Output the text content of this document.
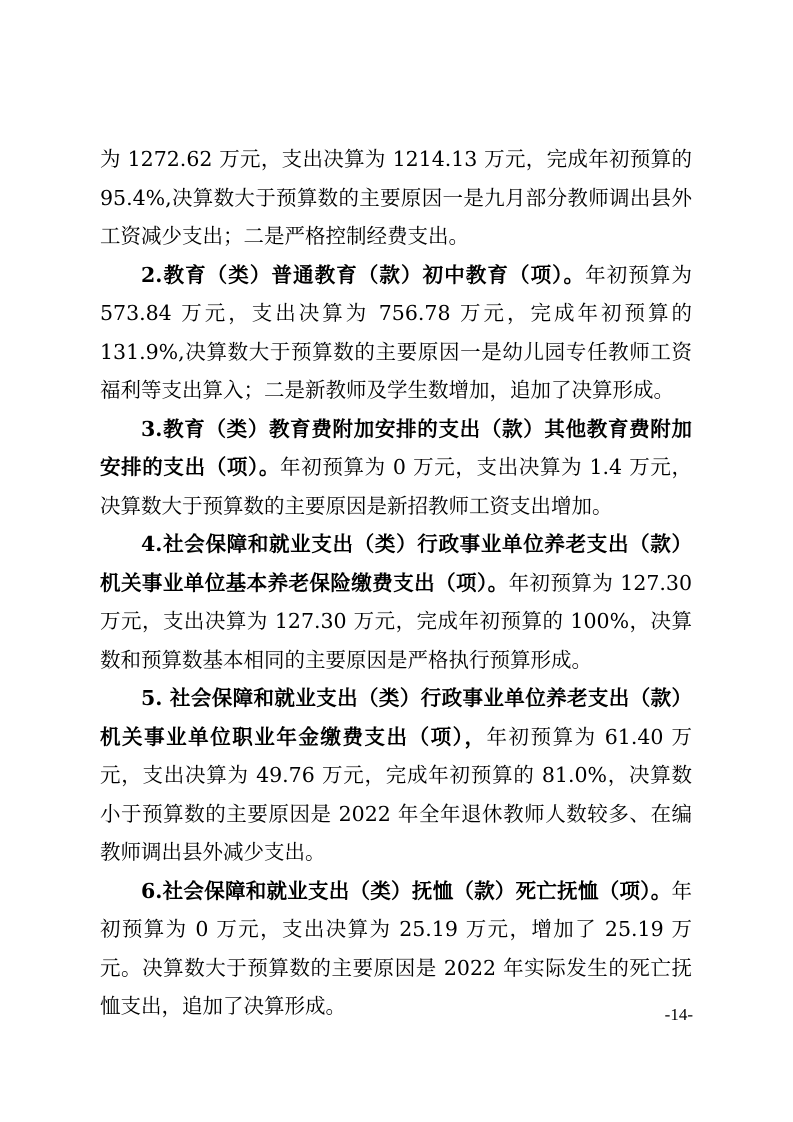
为 1272.62 万元，支出决算为 1214.13 万元，完成年初预算的 95.4%,决算数大于预算数的主要原因一是九月部分教师调出县外工资减少支出；二是严格控制经费支出。

2.教育（类）普通教育（款）初中教育（项）。年初预算为 573.84 万元，支出决算为 756.78 万元，完成年初预算的 131.9%,决算数大于预算数的主要原因一是幼儿园专任教师工资福利等支出算入；二是新教师及学生数增加，追加了决算形成。

3.教育（类）教育费附加安排的支出（款）其他教育费附加安排的支出（项）。年初预算为 0 万元，支出决算为 1.4 万元，决算数大于预算数的主要原因是新招教师工资支出增加。

4.社会保障和就业支出（类）行政事业单位养老支出（款）机关事业单位基本养老保险缴费支出（项）。年初预算为 127.30 万元，支出决算为 127.30 万元，完成年初预算的 100%，决算数和预算数基本相同的主要原因是严格执行预算形成。

5. 社会保障和就业支出（类）行政事业单位养老支出（款）机关事业单位职业年金缴费支出（项），年初预算为 61.40 万元，支出决算为 49.76 万元，完成年初预算的 81.0%，决算数小于预算数的主要原因是 2022 年全年退休教师人数较多、在编教师调出县外减少支出。

6.社会保障和就业支出（类）抚恤（款）死亡抚恤（项）。年初预算为 0 万元，支出决算为 25.19 万元，增加了 25.19 万元。决算数大于预算数的主要原因是 2022 年实际发生的死亡抚恤支出，追加了决算形成。	-14-
